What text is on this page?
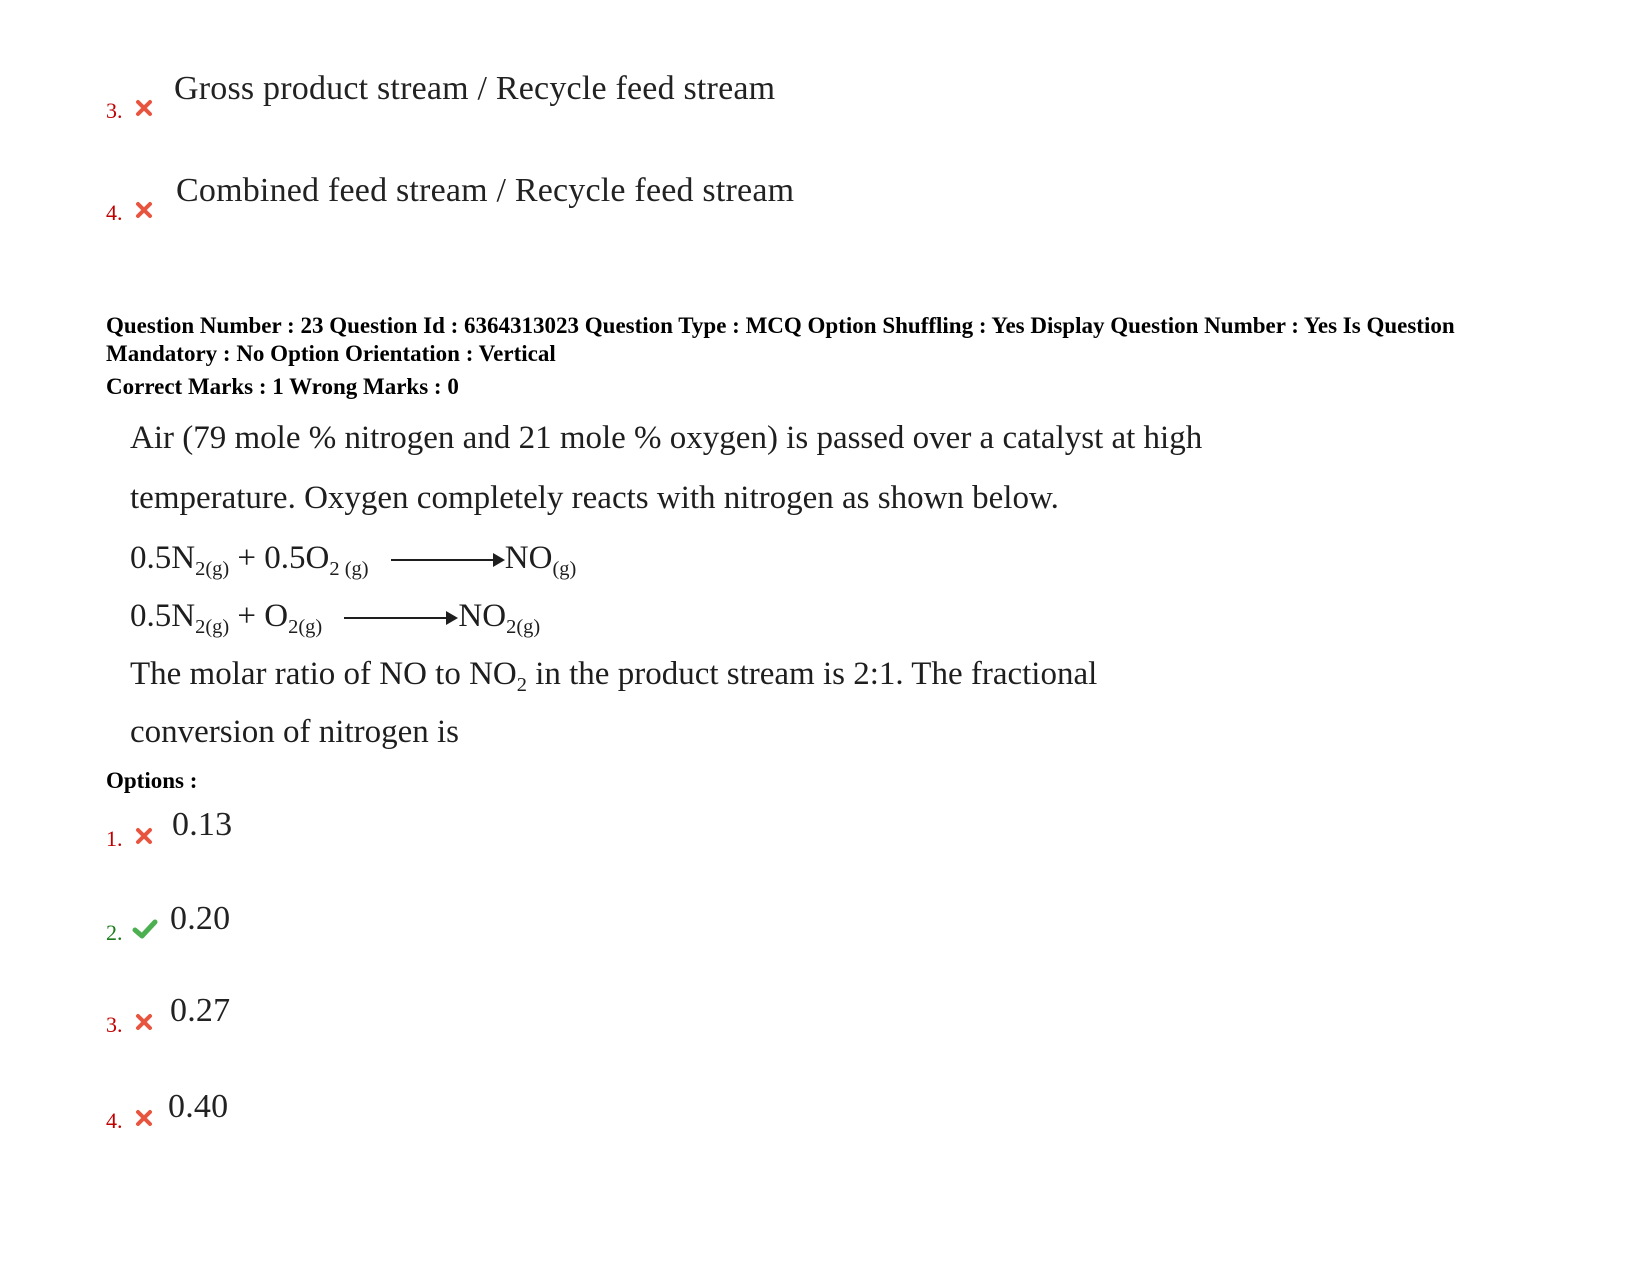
3.
Gross product stream / Recycle feed stream
4.
Combined feed stream / Recycle feed stream
Question Number : 23 Question Id : 6364313023 Question Type : MCQ Option Shuffling : Yes Display Question Number : Yes Is Question Mandatory : No Option Orientation : Vertical
Correct Marks : 1 Wrong Marks : 0
Air (79 mole % nitrogen and 21 mole % oxygen) is passed over a catalyst at high
temperature. Oxygen completely reacts with nitrogen as shown below.
$0.5N_{2(g)} + 0.5O_{2 (g)} \to NO_{(g)}$
$0.5N_{2(g)} + O_{2(g)} \to NO_{2(g)}$
The molar ratio of NO to $NO_2$ in the product stream is 2:1. The fractional
conversion of nitrogen is
Options :
1. 0.13
2. 0.20
3. 0.27
4. 0.40
